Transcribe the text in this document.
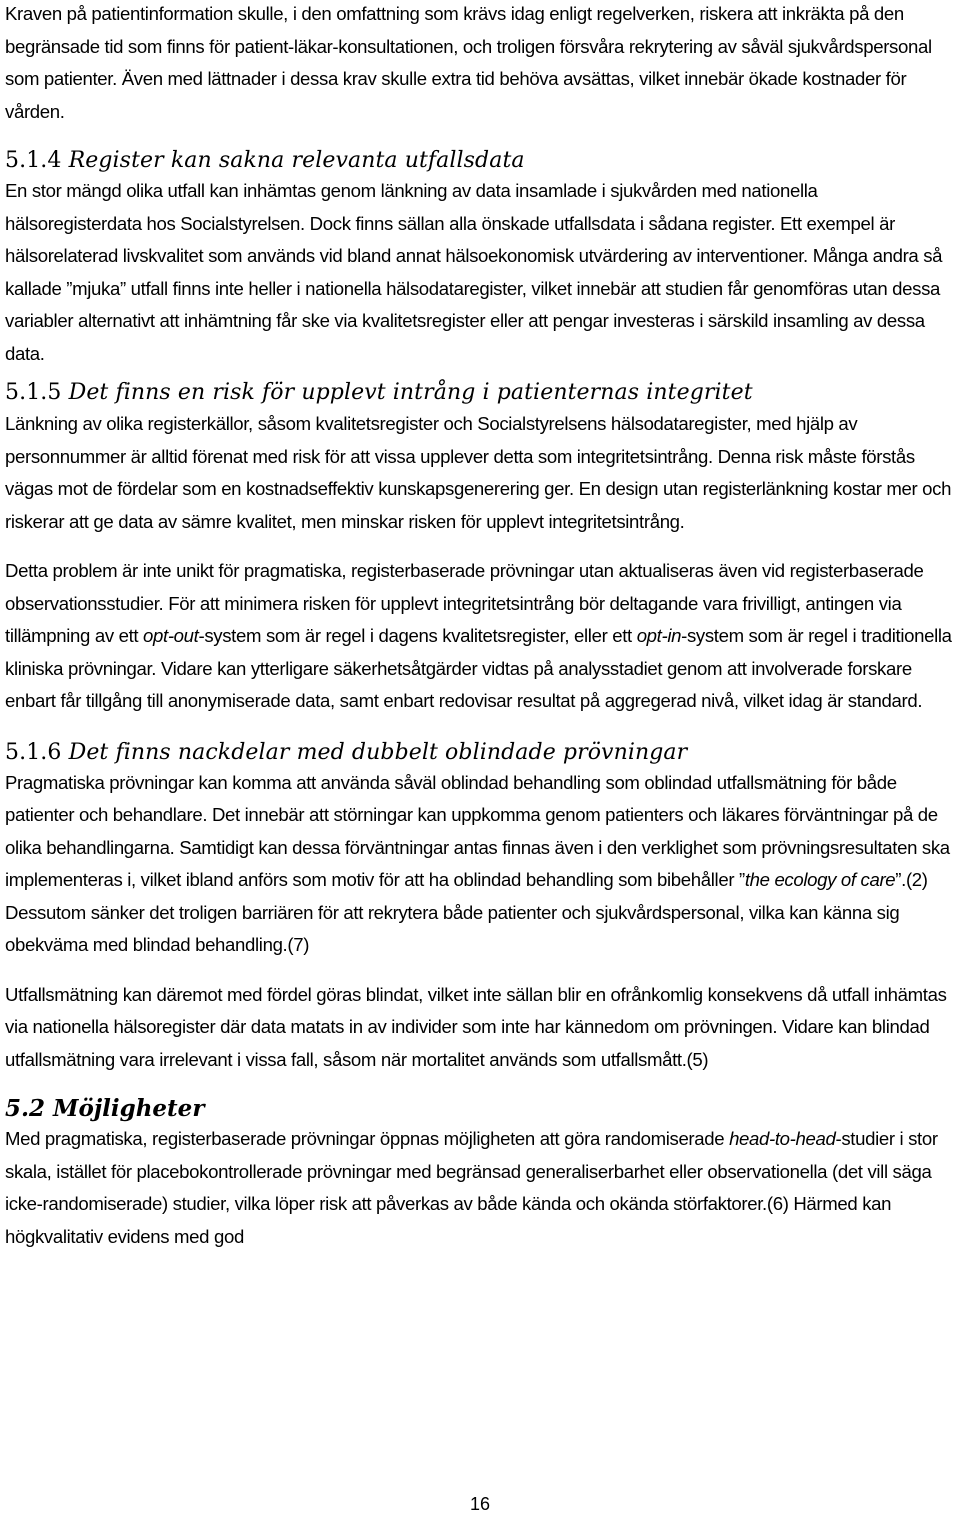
Kraven på patientinformation skulle, i den omfattning som krävs idag enligt regelverken, riskera att inkräkta på den begränsade tid som finns för patient-läkar-konsultationen, och troligen försvåra rekrytering av såväl sjukvårdspersonal som patienter. Även med lättnader i dessa krav skulle extra tid behöva avsättas, vilket innebär ökade kostnader för vården.

5.1.4 Register kan sakna relevanta utfallsdata

En stor mängd olika utfall kan inhämtas genom länkning av data insamlade i sjukvården med nationella hälsoregisterdata hos Socialstyrelsen. Dock finns sällan alla önskade utfallsdata i sådana register. Ett exempel är hälsorelaterad livskvalitet som används vid bland annat hälsoekonomisk utvärdering av interventioner. Många andra så kallade ”mjuka” utfall finns inte heller i nationella hälsodataregister, vilket innebär att studien får genomföras utan dessa variabler alternativt att inhämtning får ske via kvalitetsregister eller att pengar investeras i särskild insamling av dessa data.

5.1.5 Det finns en risk för upplevt intrång i patienternas integritet

Länkning av olika registerkällor, såsom kvalitetsregister och Socialstyrelsens hälsodataregister, med hjälp av personnummer är alltid förenat med risk för att vissa upplever detta som integritetsintrång. Denna risk måste förstås vägas mot de fördelar som en kostnadseffektiv kunskapsgenerering ger. En design utan registerlänkning kostar mer och riskerar att ge data av sämre kvalitet, men minskar risken för upplevt integritetsintrång.

Detta problem är inte unikt för pragmatiska, registerbaserade prövningar utan aktualiseras även vid registerbaserade observationsstudier. För att minimera risken för upplevt integritetsintrång bör deltagande vara frivilligt, antingen via tillämpning av ett opt-out-system som är regel i dagens kvalitetsregister, eller ett opt-in-system som är regel i traditionella kliniska prövningar. Vidare kan ytterligare säkerhetsåtgärder vidtas på analysstadiet genom att involverade forskare enbart får tillgång till anonymiserade data, samt enbart redovisar resultat på aggregerad nivå, vilket idag är standard.

5.1.6 Det finns nackdelar med dubbelt oblindade prövningar

Pragmatiska prövningar kan komma att använda såväl oblindad behandling som oblindad utfallsmätning för både patienter och behandlare. Det innebär att störningar kan uppkomma genom patienters och läkares förväntningar på de olika behandlingarna. Samtidigt kan dessa förväntningar antas finnas även i den verklighet som prövningsresultaten ska implementeras i, vilket ibland anförs som motiv för att ha oblindad behandling som bibehåller ”the ecology of care”.(2) Dessutom sänker det troligen barriären för att rekrytera både patienter och sjukvårdspersonal, vilka kan känna sig obekväma med blindad behandling.(7)

Utfallsmätning kan däremot med fördel göras blindat, vilket inte sällan blir en ofrånkomlig konsekvens då utfall inhämtas via nationella hälsoregister där data matats in av individer som inte har kännedom om prövningen. Vidare kan blindad utfallsmätning vara irrelevant i vissa fall, såsom när mortalitet används som utfallsmått.(5)

5.2 Möjligheter

Med pragmatiska, registerbaserade prövningar öppnas möjligheten att göra randomiserade head-to-head-studier i stor skala, istället för placebokontrollerade prövningar med begränsad generaliserbarhet eller observationella (det vill säga icke-randomiserade) studier, vilka löper risk att påverkas av både kända och okända störfaktorer.(6) Härmed kan högkvalitativ evidens med god

16
